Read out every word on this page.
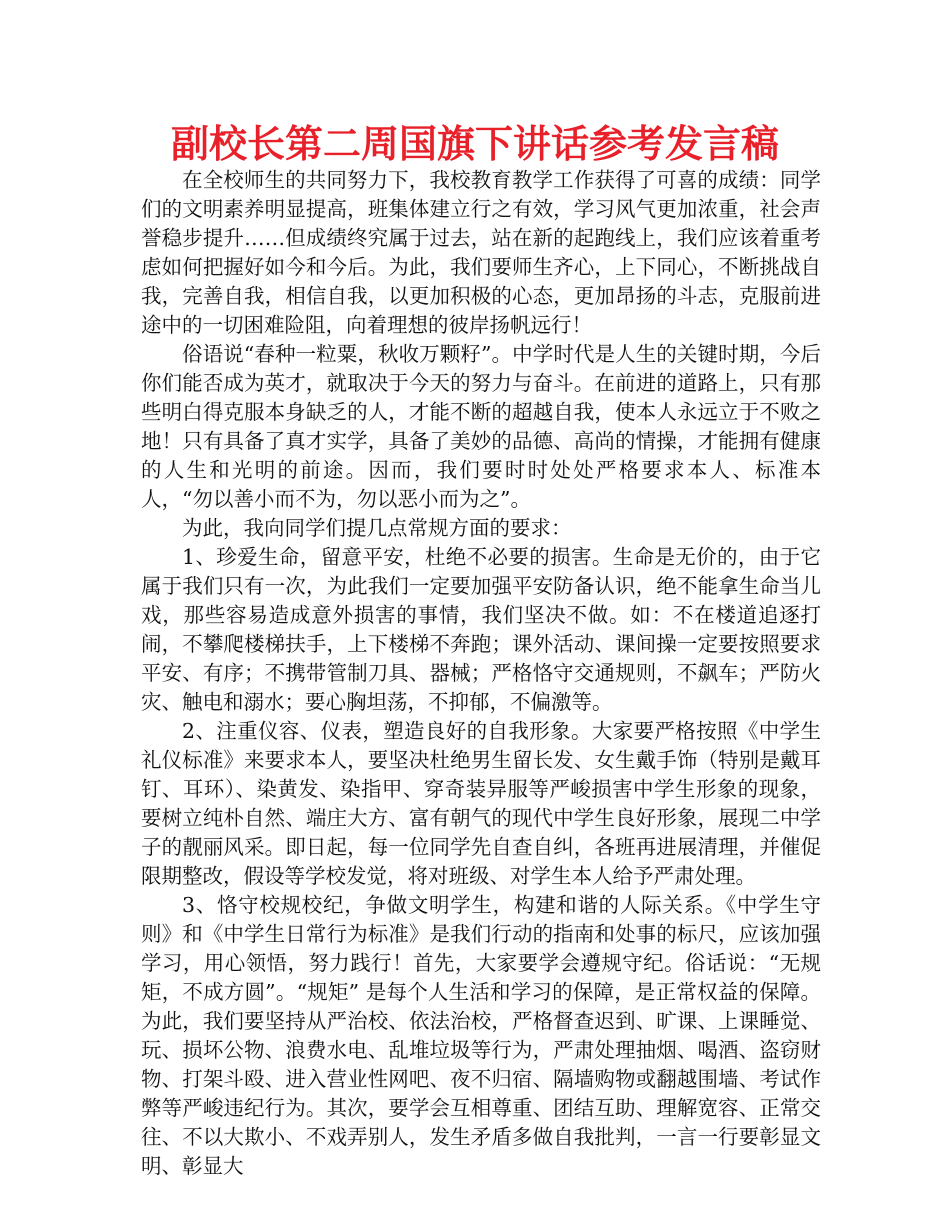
副校长第二周国旗下讲话参考发言稿

在全校师生的共同努力下，我校教育教学工作获得了可喜的成绩：同学们的文明素养明显提高，班集体建立行之有效，学习风气更加浓重，社会声誉稳步提升……但成绩终究属于过去，站在新的起跑线上，我们应该着重考虑如何把握好如今和今后。为此，我们要师生齐心，上下同心，不断挑战自我，完善自我，相信自我，以更加积极的心态，更加昂扬的斗志，克服前进途中的一切困难险阻，向着理想的彼岸扬帆远行！

俗语说“春种一粒粟，秋收万颗籽”。中学时代是人生的关键时期，今后你们能否成为英才，就取决于今天的努力与奋斗。在前进的道路上，只有那些明白得克服本身缺乏的人，才能不断的超越自我，使本人永远立于不败之地！只有具备了真才实学，具备了美妙的品德、高尚的情操，才能拥有健康的人生和光明的前途。因而，我们要时时处处严格要求本人、标准本人，“勿以善小而不为，勿以恶小而为之”。

为此，我向同学们提几点常规方面的要求：

1、珍爱生命，留意平安，杜绝不必要的损害。生命是无价的，由于它属于我们只有一次，为此我们一定要加强平安防备认识，绝不能拿生命当儿戏，那些容易造成意外损害的事情，我们坚决不做。如：不在楼道追逐打闹，不攀爬楼梯扶手，上下楼梯不奔跑；课外活动、课间操一定要按照要求平安、有序；不携带管制刀具、器械；严格恪守交通规则，不飙车；严防火灾、触电和溺水；要心胸坦荡，不抑郁，不偏激等。

2、注重仪容、仪表，塑造良好的自我形象。大家要严格按照《中学生礼仪标准》来要求本人，要坚决杜绝男生留长发、女生戴手饰（特别是戴耳钉、耳环）、染黄发、染指甲、穿奇装异服等严峻损害中学生形象的现象，要树立纯朴自然、端庄大方、富有朝气的现代中学生良好形象，展现二中学子的靓丽风采。即日起，每一位同学先自查自纠，各班再进展清理，并催促限期整改，假设等学校发觉，将对班级、对学生本人给予严肃处理。

3、恪守校规校纪，争做文明学生，构建和谐的人际关系。《中学生守则》和《中学生日常行为标准》是我们行动的指南和处事的标尺，应该加强学习，用心领悟，努力践行！首先，大家要学会遵规守纪。俗话说：“无规矩，不成方圆”。“规矩” 是每个人生活和学习的保障，是正常权益的保障。为此，我们要坚持从严治校、依法治校，严格督查迟到、旷课、上课睡觉、玩、损坏公物、浪费水电、乱堆垃圾等行为，严肃处理抽烟、喝酒、盗窃财物、打架斗殴、进入营业性网吧、夜不归宿、隔墙购物或翻越围墙、考试作弊等严峻违纪行为。其次，要学会互相尊重、团结互助、理解宽容、正常交往、不以大欺小、不戏弄别人，发生矛盾多做自我批判，一言一行要彰显文明、彰显大
